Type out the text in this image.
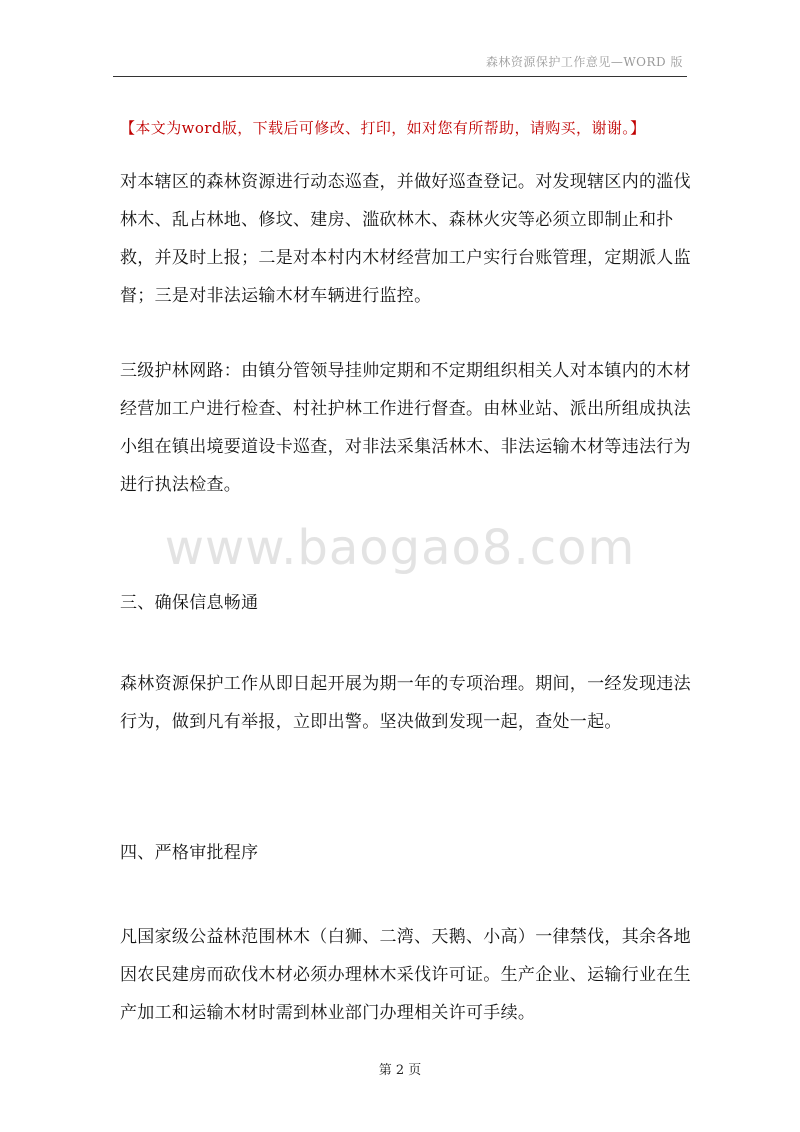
森林资源保护工作意见—WORD 版
【本文为word版，下载后可修改、打印，如对您有所帮助，请购买，谢谢。】

对本辖区的森林资源进行动态巡查，并做好巡查登记。对发现辖区内的滥伐林木、乱占林地、修坟、建房、滥砍林木、森林火灾等必须立即制止和扑救，并及时上报；二是对本村内木材经营加工户实行台账管理，定期派人监督；三是对非法运输木材车辆进行监控。

三级护林网路：由镇分管领导挂帅定期和不定期组织相关人对本镇内的木材经营加工户进行检查、村社护林工作进行督查。由林业站、派出所组成执法小组在镇出境要道设卡巡查，对非法采集活林木、非法运输木材等违法行为进行执法检查。

www.baogao8.com

三、确保信息畅通

森林资源保护工作从即日起开展为期一年的专项治理。期间，一经发现违法行为，做到凡有举报，立即出警。坚决做到发现一起，查处一起。

四、严格审批程序

凡国家级公益林范围林木（白狮、二湾、天鹅、小高）一律禁伐，其余各地因农民建房而砍伐木材必须办理林木采伐许可证。生产企业、运输行业在生产加工和运输木材时需到林业部门办理相关许可手续。

第 2 页
